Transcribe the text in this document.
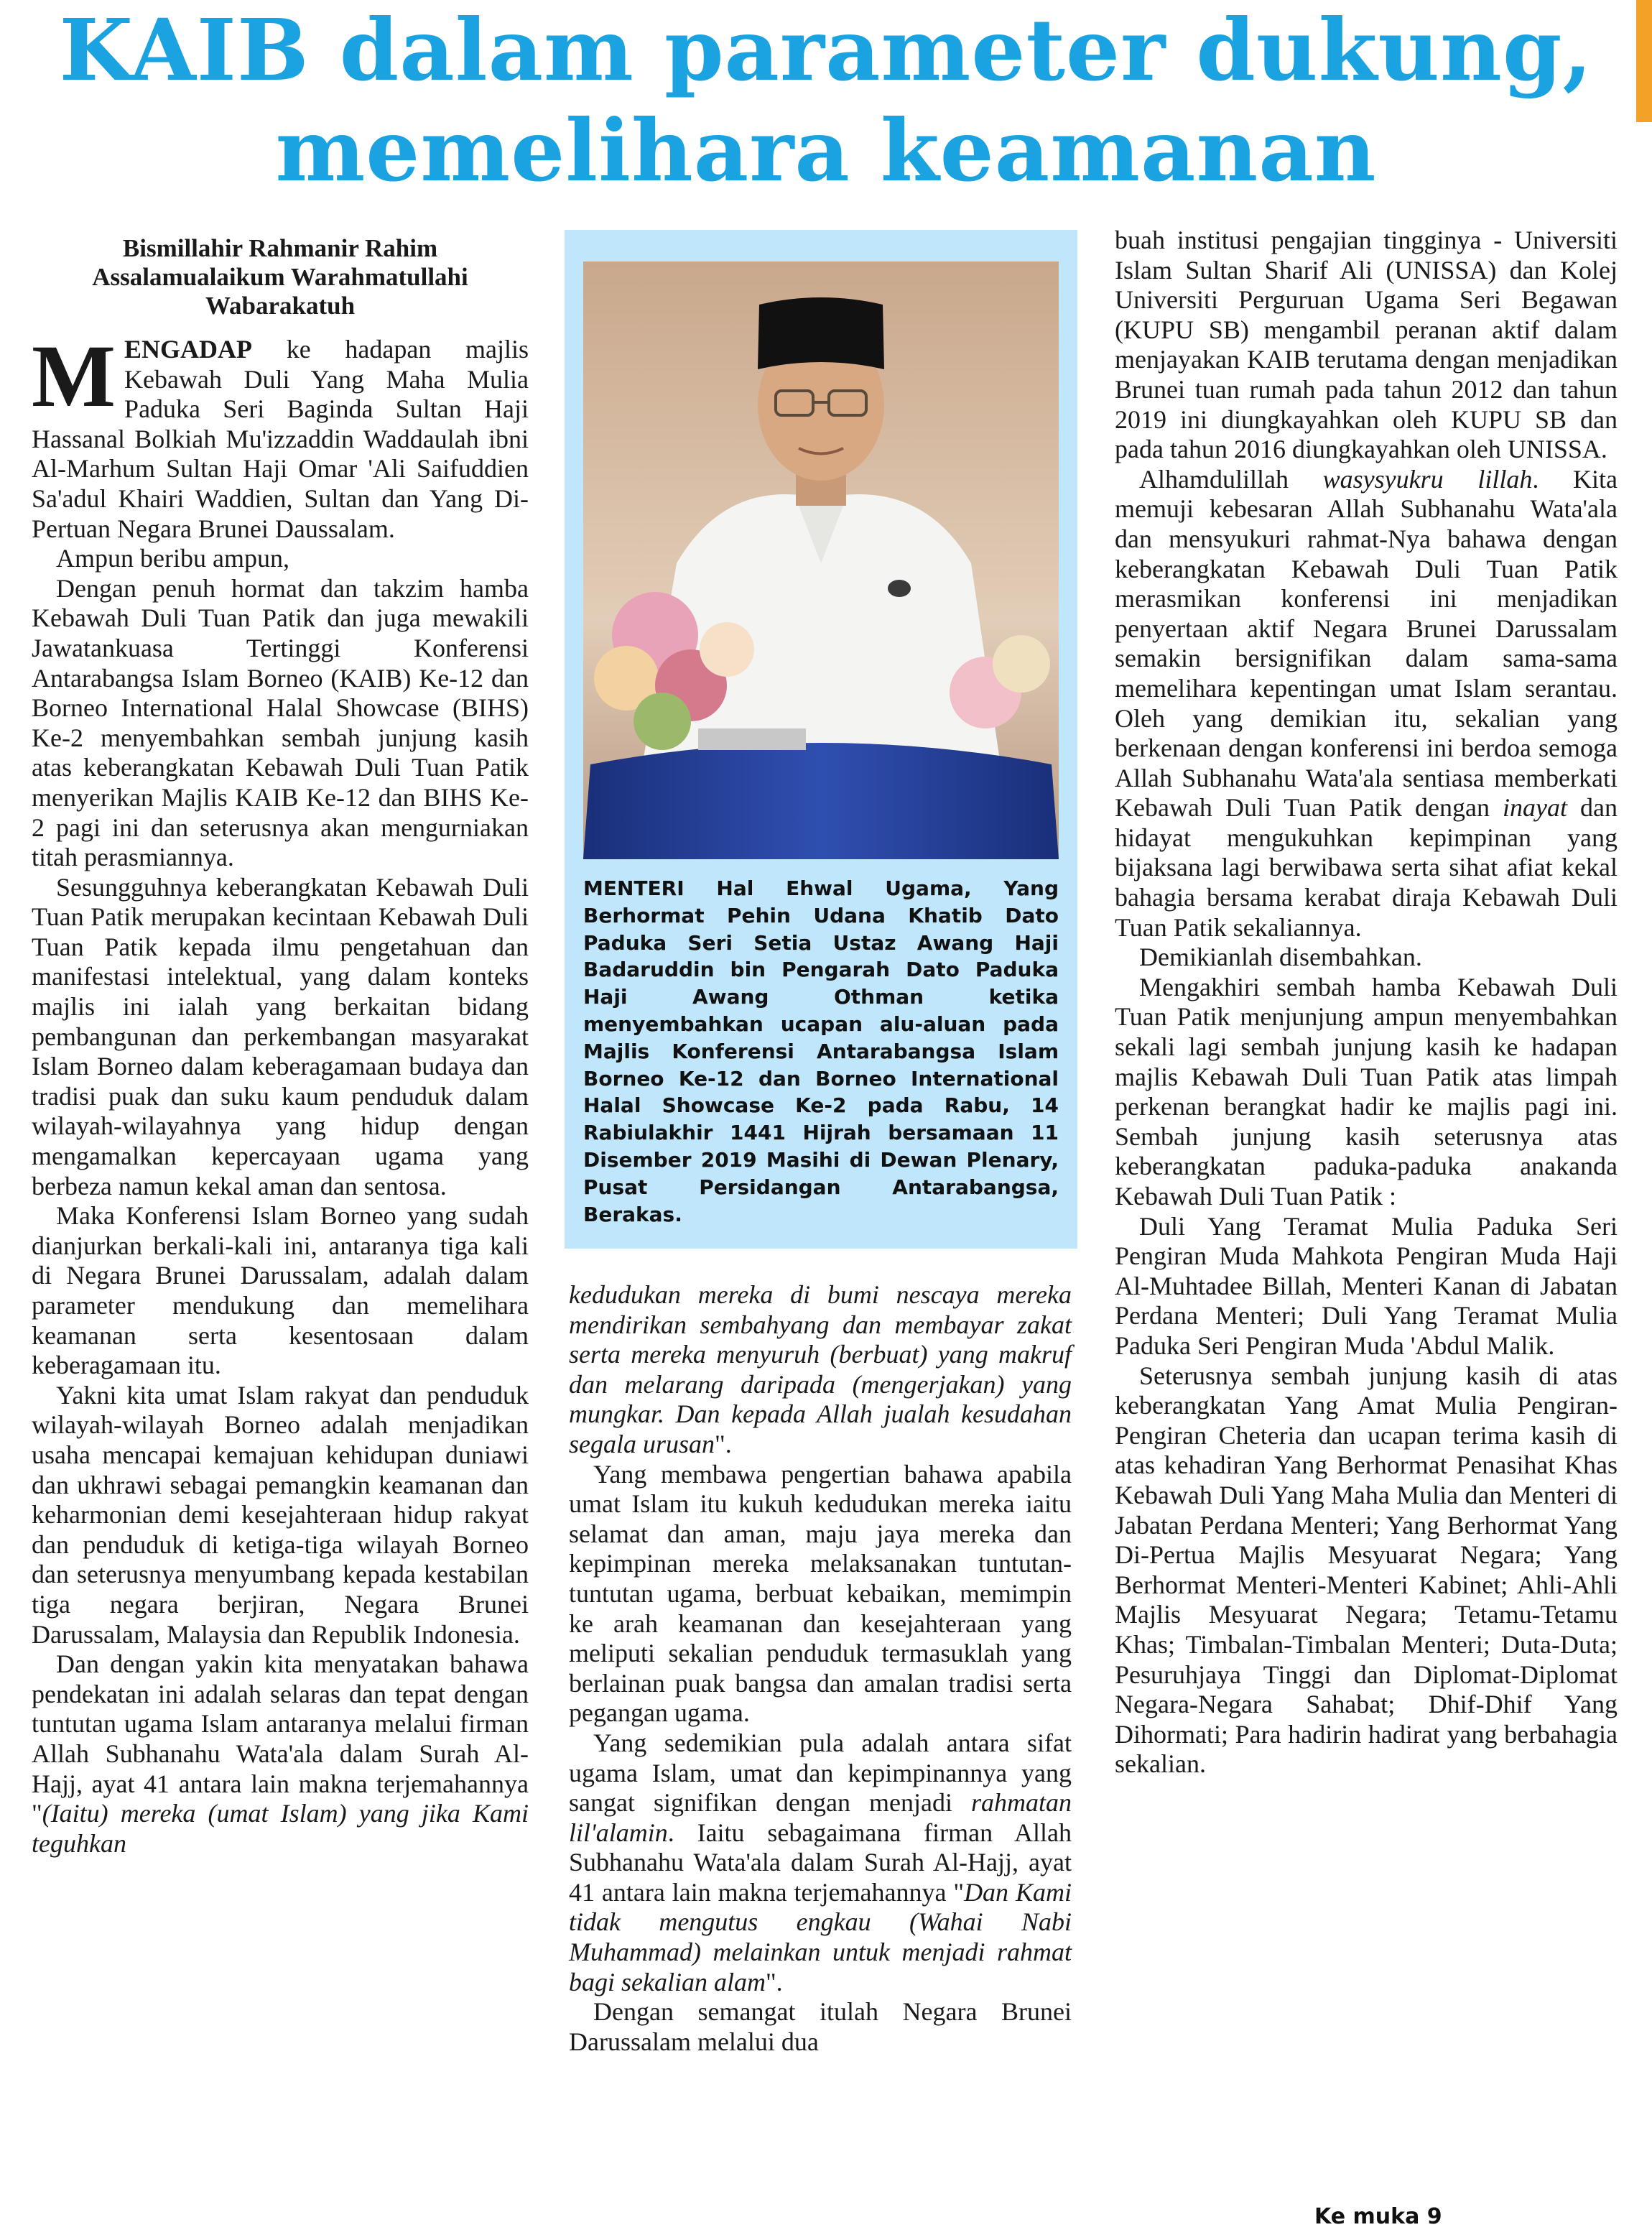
KAIB dalam parameter dukung,
memelihara keamanan
Bismillahir Rahmanir Rahim
Assalamualaikum Warahmatullahi
Wabarakatuh

MENGADAP ke hadapan majlis Kebawah Duli Yang Maha Mulia Paduka Seri Baginda Sultan Haji Hassanal Bolkiah Mu'izzaddin Waddaulah ibni Al-Marhum Sultan Haji Omar 'Ali Saifuddien Sa'adul Khairi Waddien, Sultan dan Yang Di-Pertuan Negara Brunei Daussalam.

Ampun beribu ampun,

Dengan penuh hormat dan takzim hamba Kebawah Duli Tuan Patik dan juga mewakili Jawatankuasa Tertinggi Konferensi Antarabangsa Islam Borneo (KAIB) Ke-12 dan Borneo International Halal Showcase (BIHS) Ke-2 menyembahkan sembah junjung kasih atas keberangkatan Kebawah Duli Tuan Patik menyerikan Majlis KAIB Ke-12 dan BIHS Ke-2 pagi ini dan seterusnya akan mengurniakan titah perasmiannya.

Sesungguhnya keberangkatan Kebawah Duli Tuan Patik merupakan kecintaan Kebawah Duli Tuan Patik kepada ilmu pengetahuan dan manifestasi intelektual, yang dalam konteks majlis ini ialah yang berkaitan bidang pembangunan dan perkembangan masyarakat Islam Borneo dalam keberagamaan budaya dan tradisi puak dan suku kaum penduduk dalam wilayah-wilayahnya yang hidup dengan mengamalkan kepercayaan ugama yang berbeza namun kekal aman dan sentosa.

Maka Konferensi Islam Borneo yang sudah dianjurkan berkali-kali ini, antaranya tiga kali di Negara Brunei Darussalam, adalah dalam parameter mendukung dan memelihara keamanan serta kesentosaan dalam keberagamaan itu.

Yakni kita umat Islam rakyat dan penduduk wilayah-wilayah Borneo adalah menjadikan usaha mencapai kemajuan kehidupan duniawi dan ukhrawi sebagai pemangkin keamanan dan keharmonian demi kesejahteraan hidup rakyat dan penduduk di ketiga-tiga wilayah Borneo dan seterusnya menyumbang kepada kestabilan tiga negara berjiran, Negara Brunei Darussalam, Malaysia dan Republik Indonesia.

Dan dengan yakin kita menyatakan bahawa pendekatan ini adalah selaras dan tepat dengan tuntutan ugama Islam antaranya melalui firman Allah Subhanahu Wata'ala dalam Surah Al-Hajj, ayat 41 antara lain makna terjemahannya "(Iaitu) mereka (umat Islam) yang jika Kami teguhkan

MENTERI Hal Ehwal Ugama, Yang Berhormat Pehin Udana Khatib Dato Paduka Seri Setia Ustaz Awang Haji Badaruddin bin Pengarah Dato Paduka Haji Awang Othman ketika menyembahkan ucapan alu-aluan pada Majlis Konferensi Antarabangsa Islam Borneo Ke-12 dan Borneo International Halal Showcase Ke-2 pada Rabu, 14 Rabiulakhir 1441 Hijrah bersamaan 11 Disember 2019 Masihi di Dewan Plenary, Pusat Persidangan Antarabangsa, Berakas.

kedudukan mereka di bumi nescaya mereka mendirikan sembahyang dan membayar zakat serta mereka menyuruh (berbuat) yang makruf dan melarang daripada (mengerjakan) yang mungkar. Dan kepada Allah jualah kesudahan segala urusan".

Yang membawa pengertian bahawa apabila umat Islam itu kukuh kedudukan mereka iaitu selamat dan aman, maju jaya mereka dan kepimpinan mereka melaksanakan tuntutan-tuntutan ugama, berbuat kebaikan, memimpin ke arah keamanan dan kesejahteraan yang meliputi sekalian penduduk termasuklah yang berlainan puak bangsa dan amalan tradisi serta pegangan ugama.

Yang sedemikian pula adalah antara sifat ugama Islam, umat dan kepimpinannya yang sangat signifikan dengan menjadi rahmatan lil'alamin. Iaitu sebagaimana firman Allah Subhanahu Wata'ala dalam Surah Al-Hajj, ayat 41 antara lain makna terjemahannya "Dan Kami tidak mengutus engkau (Wahai Nabi Muhammad) melainkan untuk menjadi rahmat bagi sekalian alam".

Dengan semangat itulah Negara Brunei Darussalam melalui dua

buah institusi pengajian tingginya - Universiti Islam Sultan Sharif Ali (UNISSA) dan Kolej Universiti Perguruan Ugama Seri Begawan (KUPU SB) mengambil peranan aktif dalam menjayakan KAIB terutama dengan menjadikan Brunei tuan rumah pada tahun 2012 dan tahun 2019 ini diungkayahkan oleh KUPU SB dan pada tahun 2016 diungkayahkan oleh UNISSA.

Alhamdulillah wasysyukru lillah. Kita memuji kebesaran Allah Subhanahu Wata'ala dan mensyukuri rahmat-Nya bahawa dengan keberangkatan Kebawah Duli Tuan Patik merasmikan konferensi ini menjadikan penyertaan aktif Negara Brunei Darussalam semakin bersignifikan dalam sama-sama memelihara kepentingan umat Islam serantau. Oleh yang demikian itu, sekalian yang berkenaan dengan konferensi ini berdoa semoga Allah Subhanahu Wata'ala sentiasa memberkati Kebawah Duli Tuan Patik dengan inayat dan hidayat mengukuhkan kepimpinan yang bijaksana lagi berwibawa serta sihat afiat kekal bahagia bersama kerabat diraja Kebawah Duli Tuan Patik sekaliannya.

Demikianlah disembahkan.

Mengakhiri sembah hamba Kebawah Duli Tuan Patik menjunjung ampun menyembahkan sekali lagi sembah junjung kasih ke hadapan majlis Kebawah Duli Tuan Patik atas limpah perkenan berangkat hadir ke majlis pagi ini. Sembah junjung kasih seterusnya atas keberangkatan paduka-paduka anakanda Kebawah Duli Tuan Patik :

Duli Yang Teramat Mulia Paduka Seri Pengiran Muda Mahkota Pengiran Muda Haji Al-Muhtadee Billah, Menteri Kanan di Jabatan Perdana Menteri; Duli Yang Teramat Mulia Paduka Seri Pengiran Muda 'Abdul Malik.

Seterusnya sembah junjung kasih di atas keberangkatan Yang Amat Mulia Pengiran-Pengiran Cheteria dan ucapan terima kasih di atas kehadiran Yang Berhormat Penasihat Khas Kebawah Duli Yang Maha Mulia dan Menteri di Jabatan Perdana Menteri; Yang Berhormat Yang Di-Pertua Majlis Mesyuarat Negara; Yang Berhormat Menteri-Menteri Kabinet; Ahli-Ahli Majlis Mesyuarat Negara; Tetamu-Tetamu Khas; Timbalan-Timbalan Menteri; Duta-Duta; Pesuruhjaya Tinggi dan Diplomat-Diplomat Negara-Negara Sahabat; Dhif-Dhif Yang Dihormati; Para hadirin hadirat yang berbahagia sekalian.

Ke muka 9
